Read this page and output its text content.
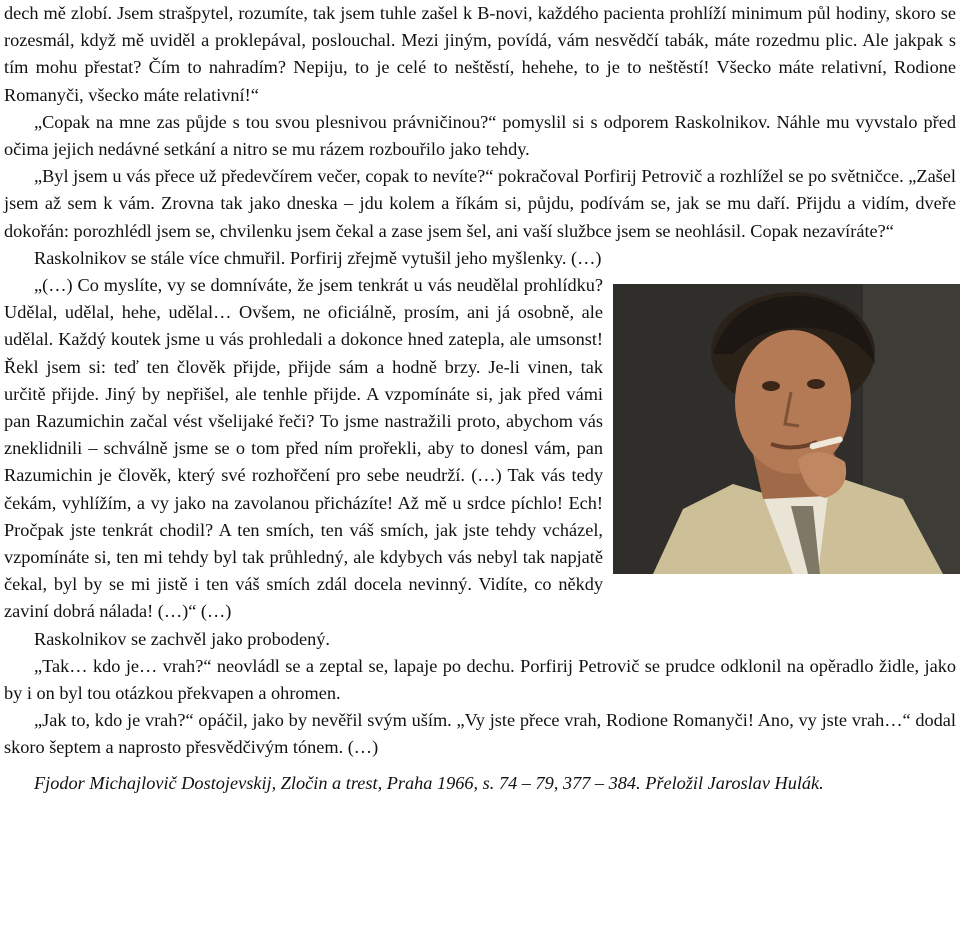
dech mě zlobí. Jsem strašpytel, rozumíte, tak jsem tuhle zašel k B-novi, každého pacienta prohlíží minimum půl hodiny, skoro se rozesmál, když mě uviděl a proklepával, poslouchal. Mezi jiným, povídá, vám nesvědčí tabák, máte rozedmu plic. Ale jakpak s tím mohu přestat? Čím to nahradím? Nepiju, to je celé to neštěstí, hehehe, to je to neštěstí! Všecko máte relativní, Rodione Romanyči, všecko máte relativní!“

„Copak na mne zas půjde s tou svou plesnivou právničinou?“ pomyslil si s odporem Raskolnikov. Náhle mu vyvstalo před očima jejich nedávné setkání a nitro se mu rázem rozbouřilo jako tehdy.

„Byl jsem u vás přece už předevčírem večer, copak to nevíte?“ pokračoval Porfirij Petrovič a rozhlížel se po světničce. „Zašel jsem až sem k vám. Zrovna tak jako dneska – jdu kolem a říkám si, půjdu, podívám se, jak se mu daří. Přijdu a vidím, dveře dokořán: porozhlédl jsem se, chvilenku jsem čekal a zase jsem šel, ani vaší službce jsem se neohlásil. Copak nezavíráte?“

Raskolnikov se stále více chmuřil. Porfirij zřejmě vytušil jeho myšlenky. (…)

„(…) Co myslíte, vy se domníváte, že jsem tenkrát u vás neudělal prohlídku? Udělal, udělal, hehe, udělal… Ovšem, ne oficiálně, prosím, ani já osobně, ale udělal. Každý koutek jsme u vás prohledali a dokonce hned zatepla, ale umsonst! Řekl jsem si: teď ten člověk přijde, přijde sám a hodně brzy. Je-li vinen, tak určitě přijde. Jiný by nepřišel, ale tenhle přijde. A vzpomínáte si, jak před vámi pan Razumichin začal vést všelijaké řeči? To jsme nastražili proto, abychom vás zneklidnili – schválně jsme se o tom před ním prořekli, aby to donesl vám, pan Razumichin je člověk, který své rozhořčení pro sebe neudrží. (…) Tak vás tedy čekám, vyhlížím, a vy jako na zavolanou přicházíte! Až mě u srdce píchlo! Ech! Pročpak jste tenkrát chodil? A ten smích, ten váš smích, jak jste tehdy vcházel, vzpomínáte si, ten mi tehdy byl tak průhledný, ale kdybych vás nebyl tak napjatě čekal, byl by se mi jistě i ten váš smích zdál docela nevinný. Vidíte, co někdy zaviní dobrá nálada! (…)“ (…)

Raskolnikov se zachvěl jako probodený.

„Tak… kdo je… vrah?“ neovládl se a zeptal se, lapaje po dechu. Porfirij Petrovič se prudce odklonil na opěradlo židle, jako by i on byl tou otázkou překvapen a ohromen.

„Jak to, kdo je vrah?“ opáčil, jako by nevěřil svým uším. „Vy jste přece vrah, Rodione Romanyči! Ano, vy jste vrah…“ dodal skoro šeptem a naprosto přesvědčivým tónem. (…)

Fjodor Michajlovič Dostojevskij, Zločin a trest, Praha 1966, s. 74 – 79, 377 – 384. Přeložil Jaroslav Hulák.
